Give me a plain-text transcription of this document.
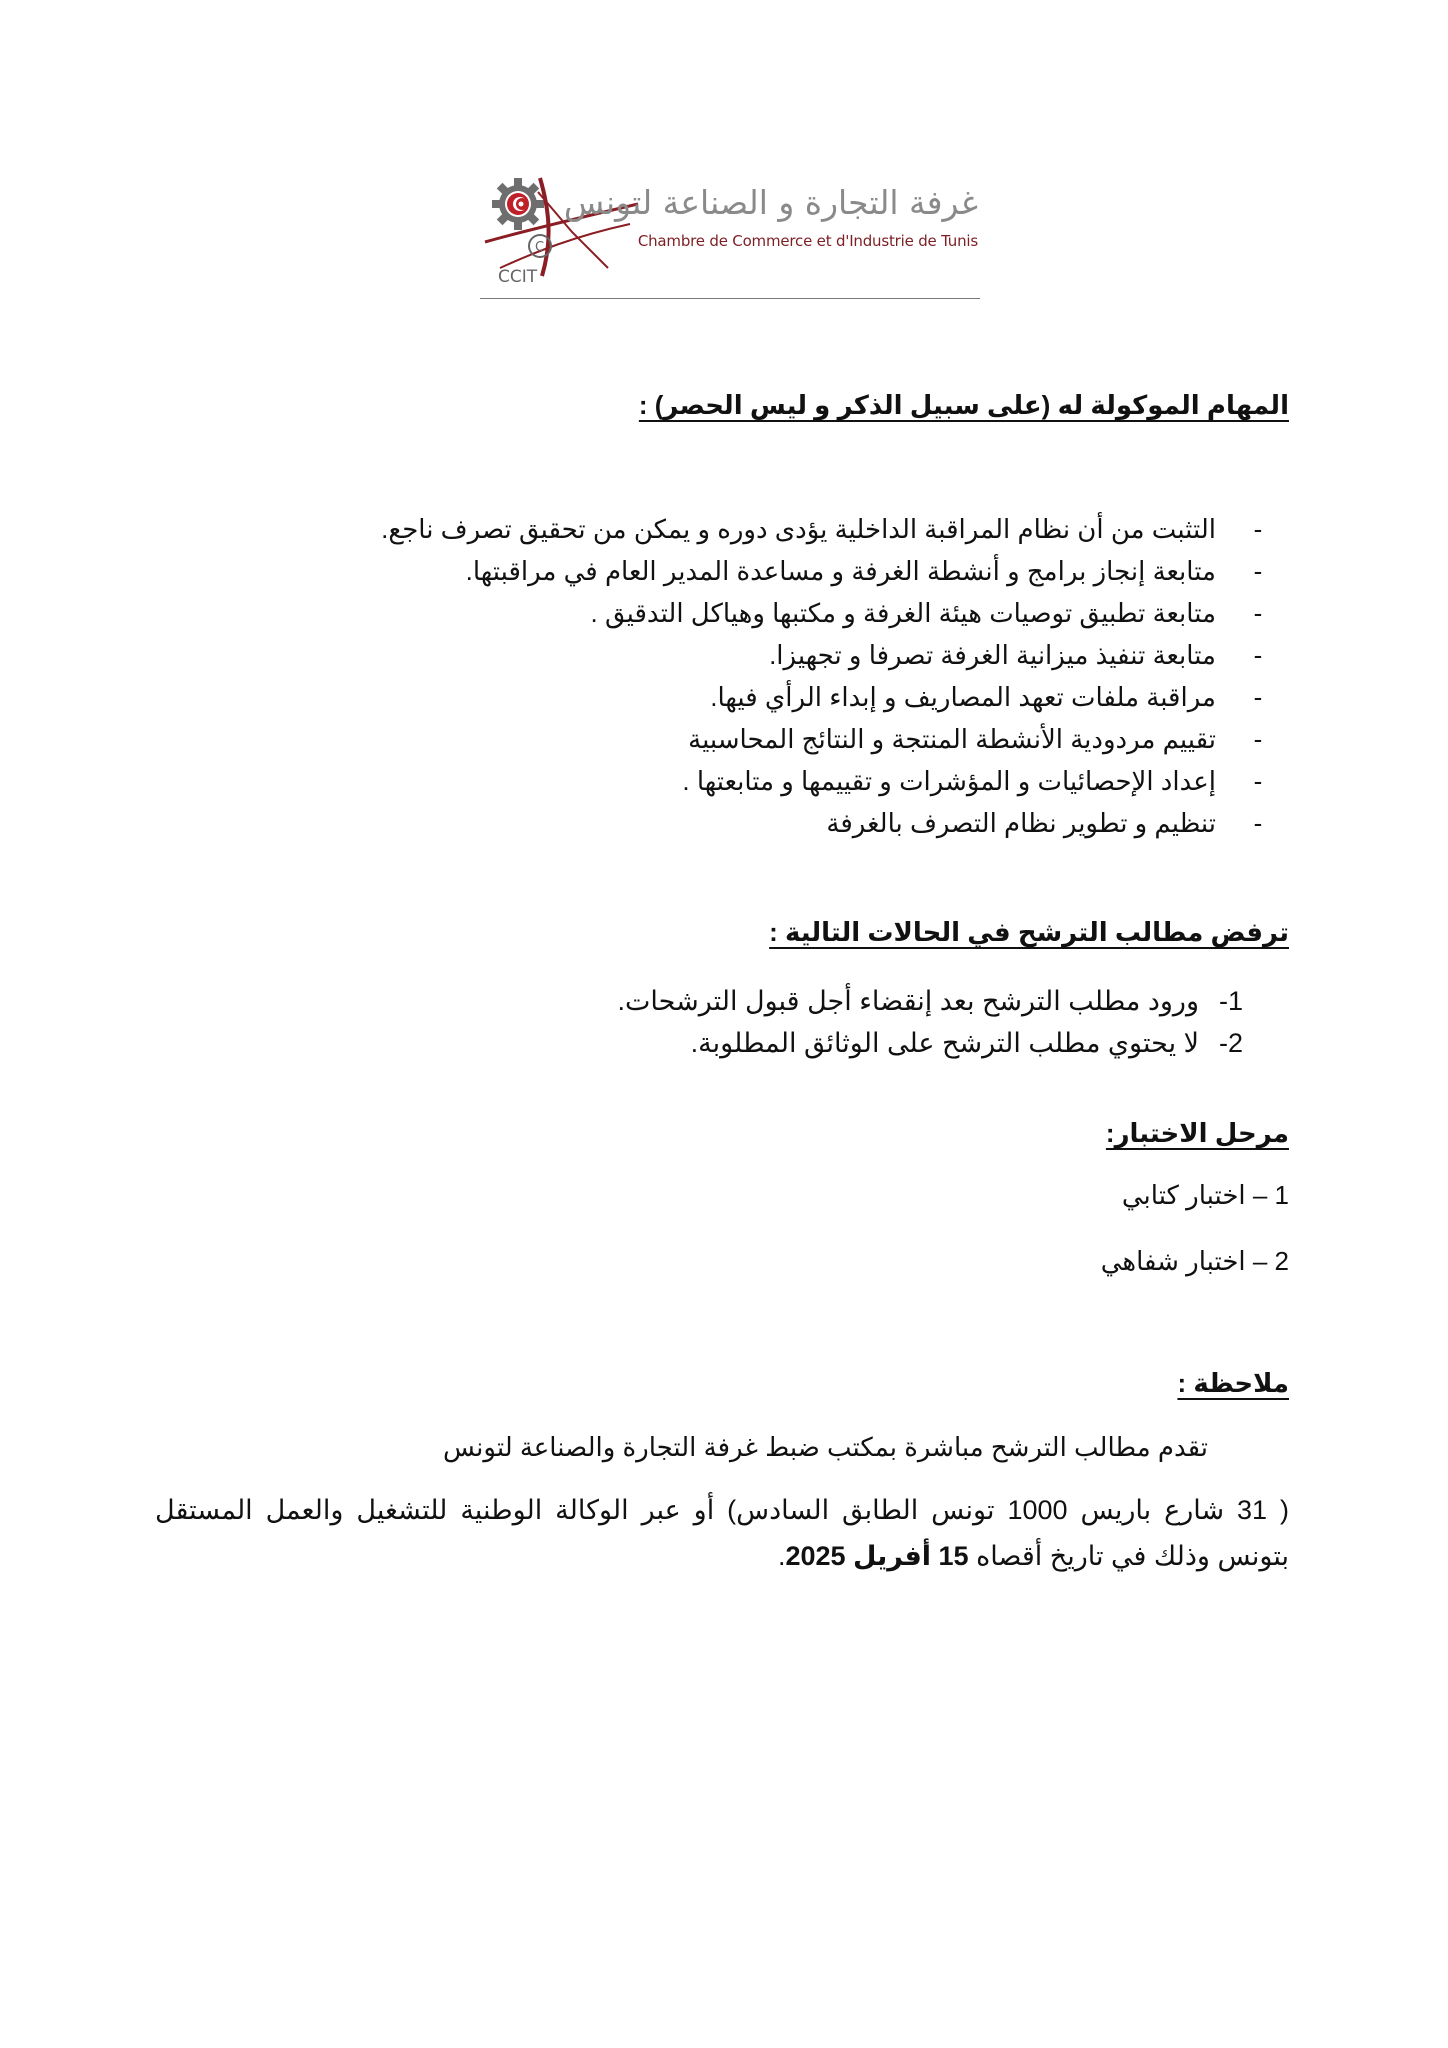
C
CCIT
غرفة التجارة و الصناعة لتونس
Chambre de Commerce et d'Industrie de Tunis
المهام الموكولة له (على سبيل الذكر و ليس الحصر) :
-
التثبت من أن نظام المراقبة الداخلية يؤدى دوره و يمكن من تحقيق تصرف ناجع.
-
متابعة إنجاز برامج و أنشطة الغرفة و مساعدة المدير العام في مراقبتها.
-
متابعة تطبيق توصيات هيئة الغرفة و مكتبها وهياكل التدقيق .
-
متابعة تنفيذ ميزانية الغرفة تصرفا و تجهيزا.
-
مراقبة ملفات تعهد المصاريف و إبداء الرأي فيها.
-
تقييم مردودية الأنشطة المنتجة و النتائج المحاسبية
-
إعداد الإحصائيات و المؤشرات و تقييمها و متابعتها .
-
تنظيم و تطوير نظام التصرف بالغرفة
ترفض مطالب الترشح في الحالات التالية :
1-
ورود مطلب الترشح بعد إنقضاء أجل قبول الترشحات.
2-
لا يحتوي مطلب الترشح على الوثائق المطلوبة.
مرحل الاختبار:
1 – اختبار كتابي
2 – اختبار شفاهي
ملاحظة :
تقدم مطالب الترشح مباشرة بمكتب ضبط غرفة التجارة والصناعة لتونس
( 31 شارع باريس 1000 تونس الطابق السادس) أو عبر الوكالة الوطنية للتشغيل والعمل المستقل بتونس وذلك في تاريخ أقصاه 15 أفريل 2025.
